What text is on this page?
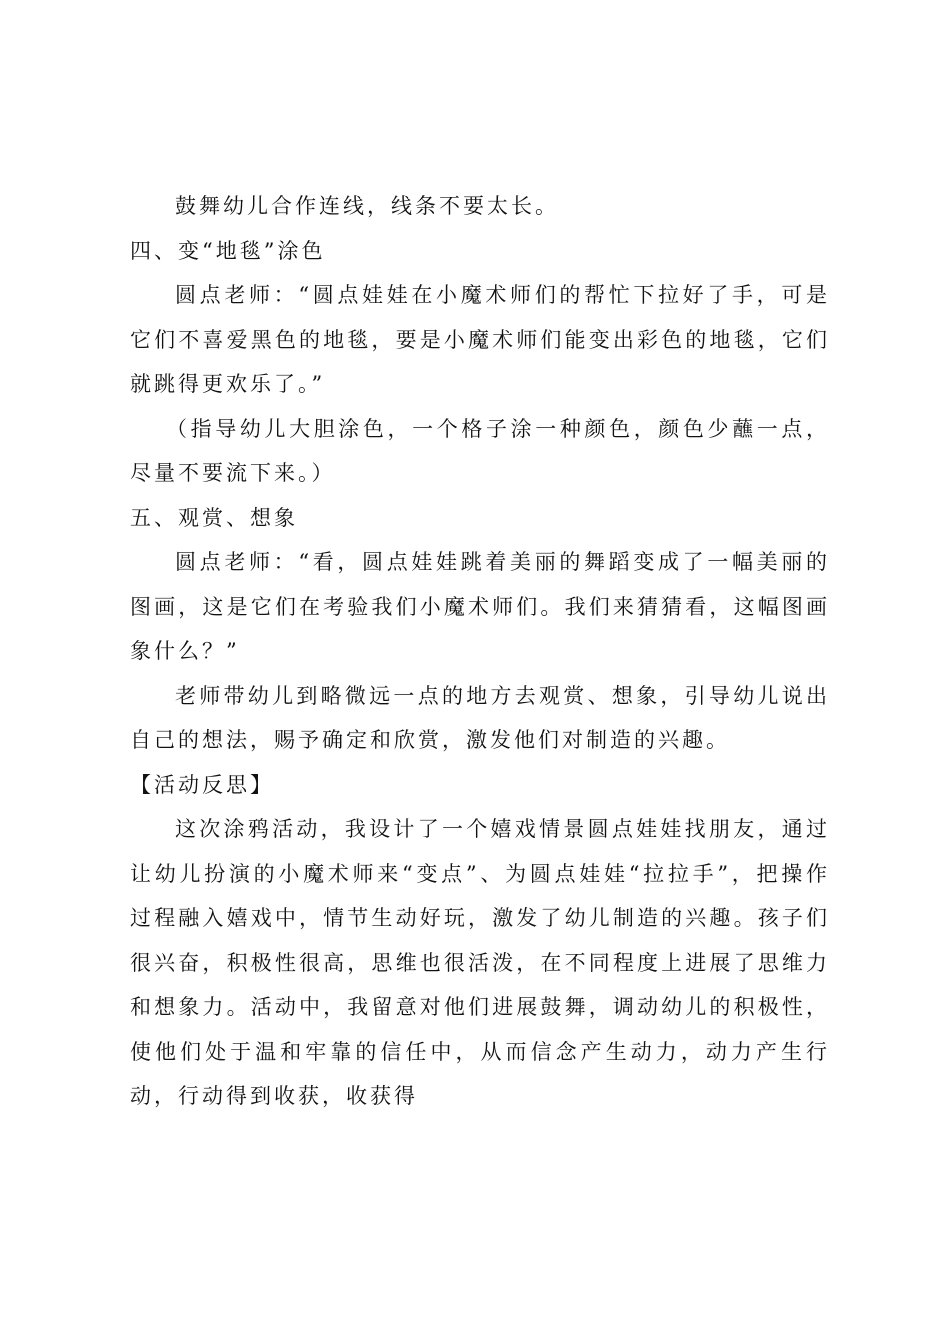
鼓舞幼儿合作连线，线条不要太长。

四、变“地毯”涂色

圆点老师：“圆点娃娃在小魔术师们的帮忙下拉好了手，可是它们不喜爱黑色的地毯，要是小魔术师们能变出彩色的地毯，它们就跳得更欢乐了。”

（指导幼儿大胆涂色，一个格子涂一种颜色，颜色少蘸一点，尽量不要流下来。）

五、观赏、想象

圆点老师：“看，圆点娃娃跳着美丽的舞蹈变成了一幅美丽的图画，这是它们在考验我们小魔术师们。我们来猜猜看，这幅图画象什么？”

老师带幼儿到略微远一点的地方去观赏、想象，引导幼儿说出自己的想法，赐予确定和欣赏，激发他们对制造的兴趣。

【活动反思】

这次涂鸦活动，我设计了一个嬉戏情景圆点娃娃找朋友，通过让幼儿扮演的小魔术师来“变点”、为圆点娃娃“拉拉手”，把操作过程融入嬉戏中，情节生动好玩，激发了幼儿制造的兴趣。孩子们很兴奋，积极性很高，思维也很活泼，在不同程度上进展了思维力和想象力。活动中，我留意对他们进展鼓舞，调动幼儿的积极性，使他们处于温和牢靠的信任中，从而信念产生动力，动力产生行动，行动得到收获，收获得
